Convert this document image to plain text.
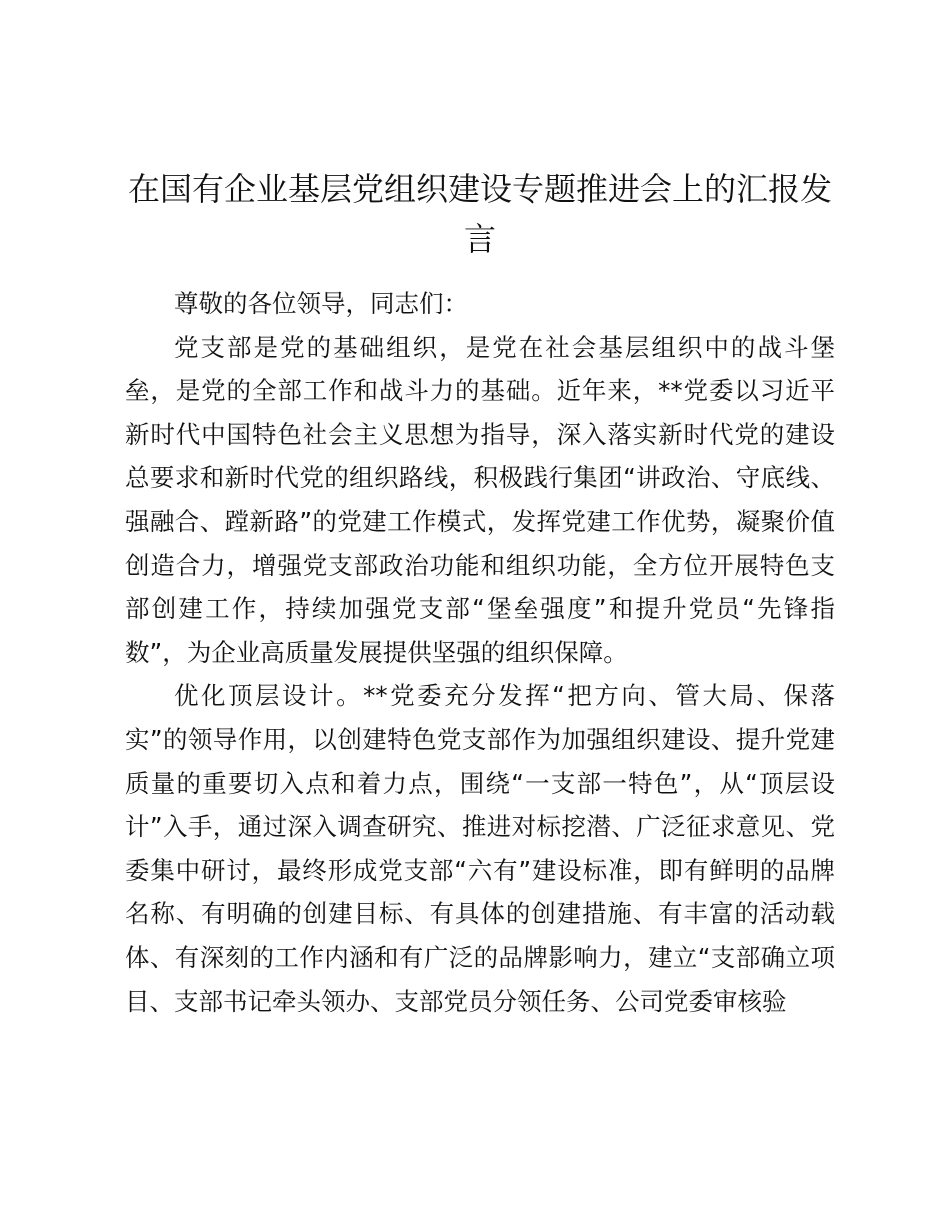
在国有企业基层党组织建设专题推进会上的汇报发言

尊敬的各位领导，同志们：

党支部是党的基础组织，是党在社会基层组织中的战斗堡垒，是党的全部工作和战斗力的基础。近年来，**党委以习近平新时代中国特色社会主义思想为指导，深入落实新时代党的建设总要求和新时代党的组织路线，积极践行集团“讲政治、守底线、强融合、蹚新路”的党建工作模式，发挥党建工作优势，凝聚价值创造合力，增强党支部政治功能和组织功能，全方位开展特色支部创建工作，持续加强党支部“堡垒强度”和提升党员“先锋指数”，为企业高质量发展提供坚强的组织保障。

优化顶层设计。**党委充分发挥“把方向、管大局、保落实”的领导作用，以创建特色党支部作为加强组织建设、提升党建质量的重要切入点和着力点，围绕“一支部一特色”，从“顶层设计”入手，通过深入调查研究、推进对标挖潜、广泛征求意见、党委集中研讨，最终形成党支部“六有”建设标准，即有鲜明的品牌名称、有明确的创建目标、有具体的创建措施、有丰富的活动载体、有深刻的工作内涵和有广泛的品牌影响力，建立“支部确立项目、支部书记牵头领办、支部党员分领任务、公司党委审核验
